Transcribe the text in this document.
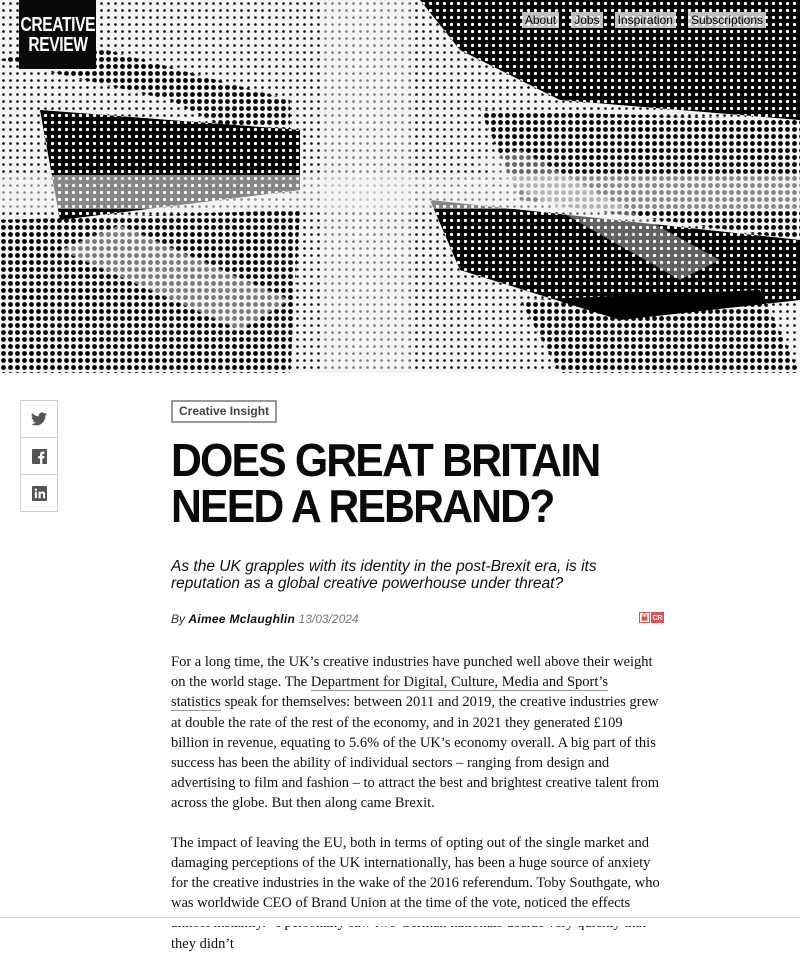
CREATIVE
REVIEW
About Jobs Inspiration Subscriptions
Creative Insight
DOES GREAT BRITAIN NEED A REBRAND?

As the UK grapples with its identity in the post-Brexit era, is its reputation as a global creative powerhouse under threat?

By Aimee Mclaughlin 13/03/2024	CR

For a long time, the UK’s creative industries have punched well above their weight on the world stage. The Department for Digital, Culture, Media and Sport’s statistics speak for themselves: between 2011 and 2019, the creative industries grew at double the rate of the rest of the economy, and in 2021 they generated £109 billion in revenue, equating to 5.6% of the UK’s economy overall. A big part of this success has been the ability of individual sectors – ranging from design and advertising to film and fashion – to attract the best and brightest creative talent from across the globe. But then along came Brexit.

The impact of leaving the EU, both in terms of opting out of the single market and damaging perceptions of the UK internationally, has been a huge source of anxiety for the creative industries in the wake of the 2016 referendum. Toby Southgate, who was worldwide CEO of Brand Union at the time of the vote, noticed the effects they didn’t
